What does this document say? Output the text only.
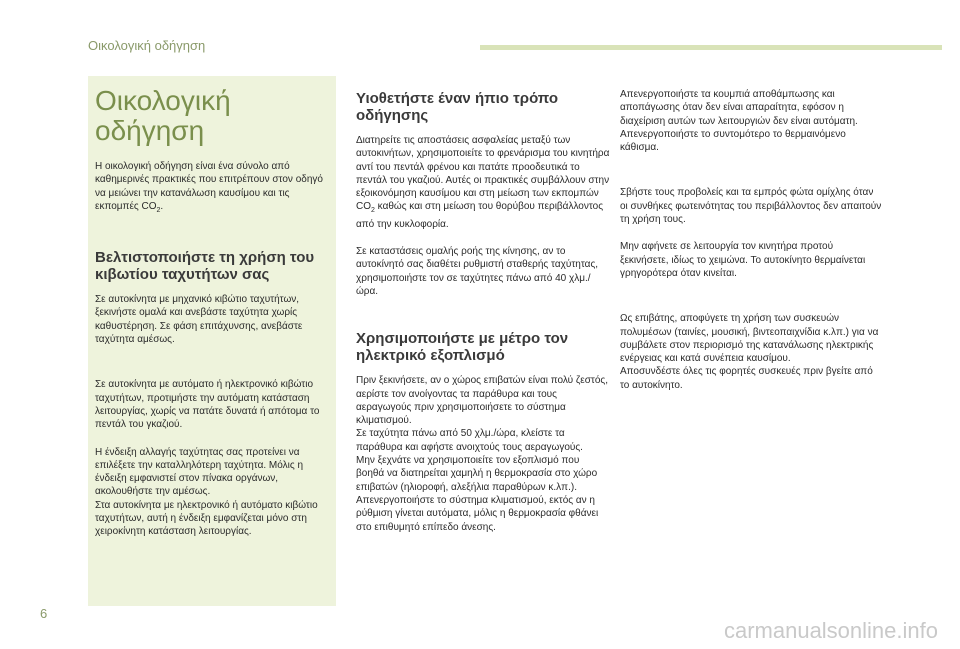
Οικολογική οδήγηση
Οικολογική οδήγηση
Η οικολογική οδήγηση είναι ένα σύνολο από καθημερινές πρακτικές που επιτρέπουν στον οδηγό να μειώνει την κατανάλωση καυσίμου και τις εκπομπές $CO_2$.
Βελτιστοποιήστε τη χρήση του κιβωτίου ταχυτήτων σας
Σε αυτοκίνητα με μηχανικό κιβώτιο ταχυτήτων, ξεκινήστε ομαλά και ανεβάστε ταχύτητα χωρίς καθυστέρηση. Σε φάση επιτάχυνσης, ανεβάστε ταχύτητα αμέσως.
Σε αυτοκίνητα με αυτόματο ή ηλεκτρονικό κιβώτιο ταχυτήτων, προτιμήστε την αυτόματη κατάσταση λειτουργίας, χωρίς να πατάτε δυνατά ή απότομα το πεντάλ του γκαζιού.
Η ένδειξη αλλαγής ταχύτητας σας προτείνει να επιλέξετε την καταλληλότερη ταχύτητα. Μόλις η ένδειξη εμφανιστεί στον πίνακα οργάνων, ακολουθήστε την αμέσως.
Στα αυτοκίνητα με ηλεκτρονικό ή αυτόματο κιβώτιο ταχυτήτων, αυτή η ένδειξη εμφανίζεται μόνο στη χειροκίνητη κατάσταση λειτουργίας.
Υιοθετήστε έναν ήπιο τρόπο οδήγησης
Διατηρείτε τις αποστάσεις ασφαλείας μεταξύ των αυτοκινήτων, χρησιμοποιείτε το φρενάρισμα του κινητήρα αντί του πεντάλ φρένου και πατάτε προοδευτικά το πεντάλ του γκαζιού. Αυτές οι πρακτικές συμβάλλουν στην εξοικονόμηση καυσίμου και στη μείωση των εκπομπών $CO_2$ καθώς και στη μείωση του θορύβου περιβάλλοντος από την κυκλοφορία.
Σε καταστάσεις ομαλής ροής της κίνησης, αν το αυτοκίνητό σας διαθέτει ρυθμιστή σταθερής ταχύτητας, χρησιμοποιήστε τον σε ταχύτητες πάνω από 40 χλμ./ώρα.
Χρησιμοποιήστε με μέτρο τον ηλεκτρικό εξοπλισμό
Πριν ξεκινήσετε, αν ο χώρος επιβατών είναι πολύ ζεστός, αερίστε τον ανοίγοντας τα παράθυρα και τους αεραγωγούς πριν χρησιμοποιήσετε το σύστημα κλιματισμού.
Σε ταχύτητα πάνω από 50 χλμ./ώρα, κλείστε τα παράθυρα και αφήστε ανοιχτούς τους αεραγωγούς.
Μην ξεχνάτε να χρησιμοποιείτε τον εξοπλισμό που βοηθά να διατηρείται χαμηλή η θερμοκρασία στο χώρο επιβατών (ηλιοροφή, αλεξήλια παραθύρων κ.λπ.).
Απενεργοποιήστε το σύστημα κλιματισμού, εκτός αν η ρύθμιση γίνεται αυτόματα, μόλις η θερμοκρασία φθάνει στο επιθυμητό επίπεδο άνεσης.
Απενεργοποιήστε τα κουμπιά αποθάμπωσης και αποπάγωσης όταν δεν είναι απαραίτητα, εφόσον η διαχείριση αυτών των λειτουργιών δεν είναι αυτόματη.
Απενεργοποιήστε το συντομότερο το θερμαινόμενο κάθισμα.
Σβήστε τους προβολείς και τα εμπρός φώτα ομίχλης όταν οι συνθήκες φωτεινότητας του περιβάλλοντος δεν απαιτούν τη χρήση τους.
Μην αφήνετε σε λειτουργία τον κινητήρα προτού ξεκινήσετε, ιδίως το χειμώνα. Το αυτοκίνητο θερμαίνεται γρηγορότερα όταν κινείται.
Ως επιβάτης, αποφύγετε τη χρήση των συσκευών πολυμέσων (ταινίες, μουσική, βιντεοπαιχνίδια κ.λπ.) για να συμβάλετε στον περιορισμό της κατανάλωσης ηλεκτρικής ενέργειας και κατά συνέπεια καυσίμου.
Αποσυνδέστε όλες τις φορητές συσκευές πριν βγείτε από το αυτοκίνητο.
6
carmanualsonline.info
